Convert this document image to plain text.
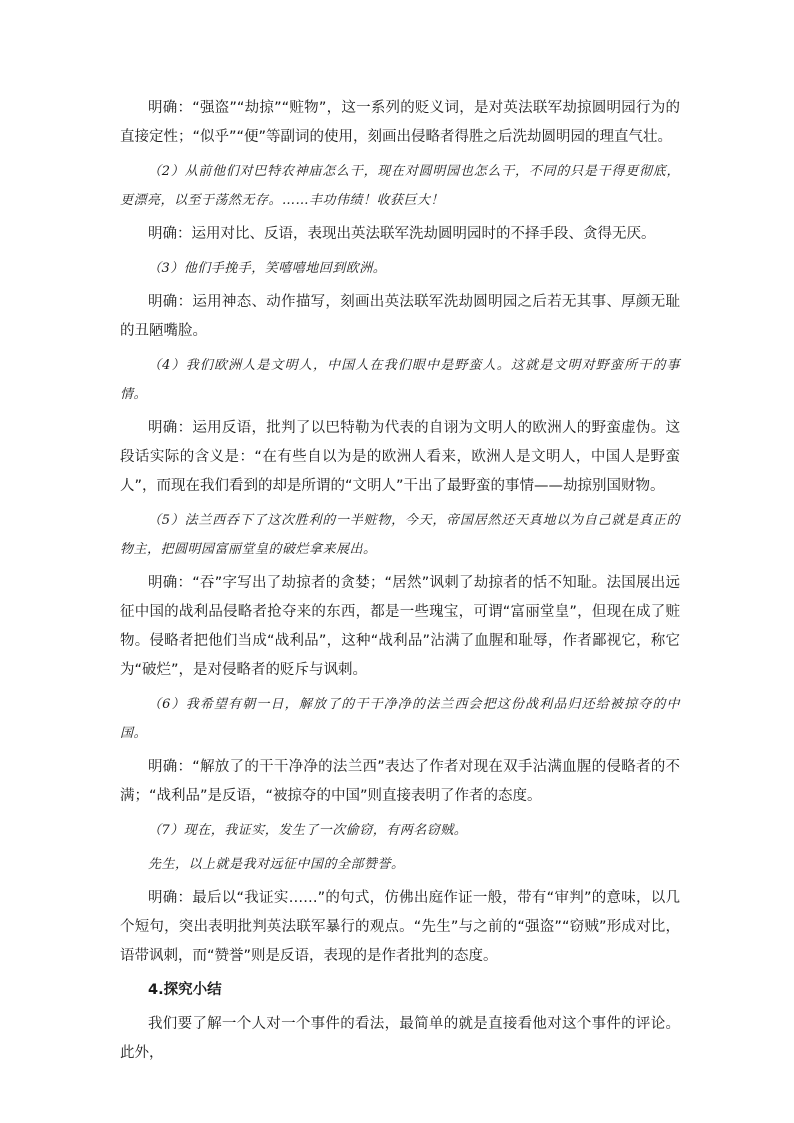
明确：“强盗”“劫掠”“赃物”，这一系列的贬义词，是对英法联军劫掠圆明园行为的直接定性；“似乎”“便”等副词的使用，刻画出侵略者得胜之后洗劫圆明园的理直气壮。

（2）从前他们对巴特农神庙怎么干，现在对圆明园也怎么干，不同的只是干得更彻底，更漂亮，以至于荡然无存。……丰功伟绩！收获巨大！

明确：运用对比、反语，表现出英法联军洗劫圆明园时的不择手段、贪得无厌。

（3）他们手挽手，笑嘻嘻地回到欧洲。

明确：运用神态、动作描写，刻画出英法联军洗劫圆明园之后若无其事、厚颜无耻的丑陋嘴脸。

（4）我们欧洲人是文明人，中国人在我们眼中是野蛮人。这就是文明对野蛮所干的事情。

明确：运用反语，批判了以巴特勒为代表的自诩为文明人的欧洲人的野蛮虚伪。这段话实际的含义是：“在有些自以为是的欧洲人看来，欧洲人是文明人，中国人是野蛮人”，而现在我们看到的却是所谓的“文明人”干出了最野蛮的事情——劫掠别国财物。

（5）法兰西吞下了这次胜利的一半赃物，今天，帝国居然还天真地以为自己就是真正的物主，把圆明园富丽堂皇的破烂拿来展出。

明确：“吞”字写出了劫掠者的贪婪；“居然”讽刺了劫掠者的恬不知耻。法国展出远征中国的战利品侵略者抢夺来的东西，都是一些瑰宝，可谓“富丽堂皇”，但现在成了赃物。侵略者把他们当成“战利品”，这种“战利品”沾满了血腥和耻辱，作者鄙视它，称它为“破烂”，是对侵略者的贬斥与讽刺。

（6）我希望有朝一日，解放了的干干净净的法兰西会把这份战利品归还给被掠夺的中国。

明确：“解放了的干干净净的法兰西”表达了作者对现在双手沾满血腥的侵略者的不满；“战利品”是反语，“被掠夺的中国”则直接表明了作者的态度。

（7）现在，我证实，发生了一次偷窃，有两名窃贼。

先生，以上就是我对远征中国的全部赞誉。

明确：最后以“我证实……”的句式，仿佛出庭作证一般，带有“审判”的意味，以几个短句，突出表明批判英法联军暴行的观点。“先生”与之前的“强盗”“窃贼”形成对比，语带讽刺，而“赞誉”则是反语，表现的是作者批判的态度。

4.探究小结

我们要了解一个人对一个事件的看法，最简单的就是直接看他对这个事件的评论。此外，
